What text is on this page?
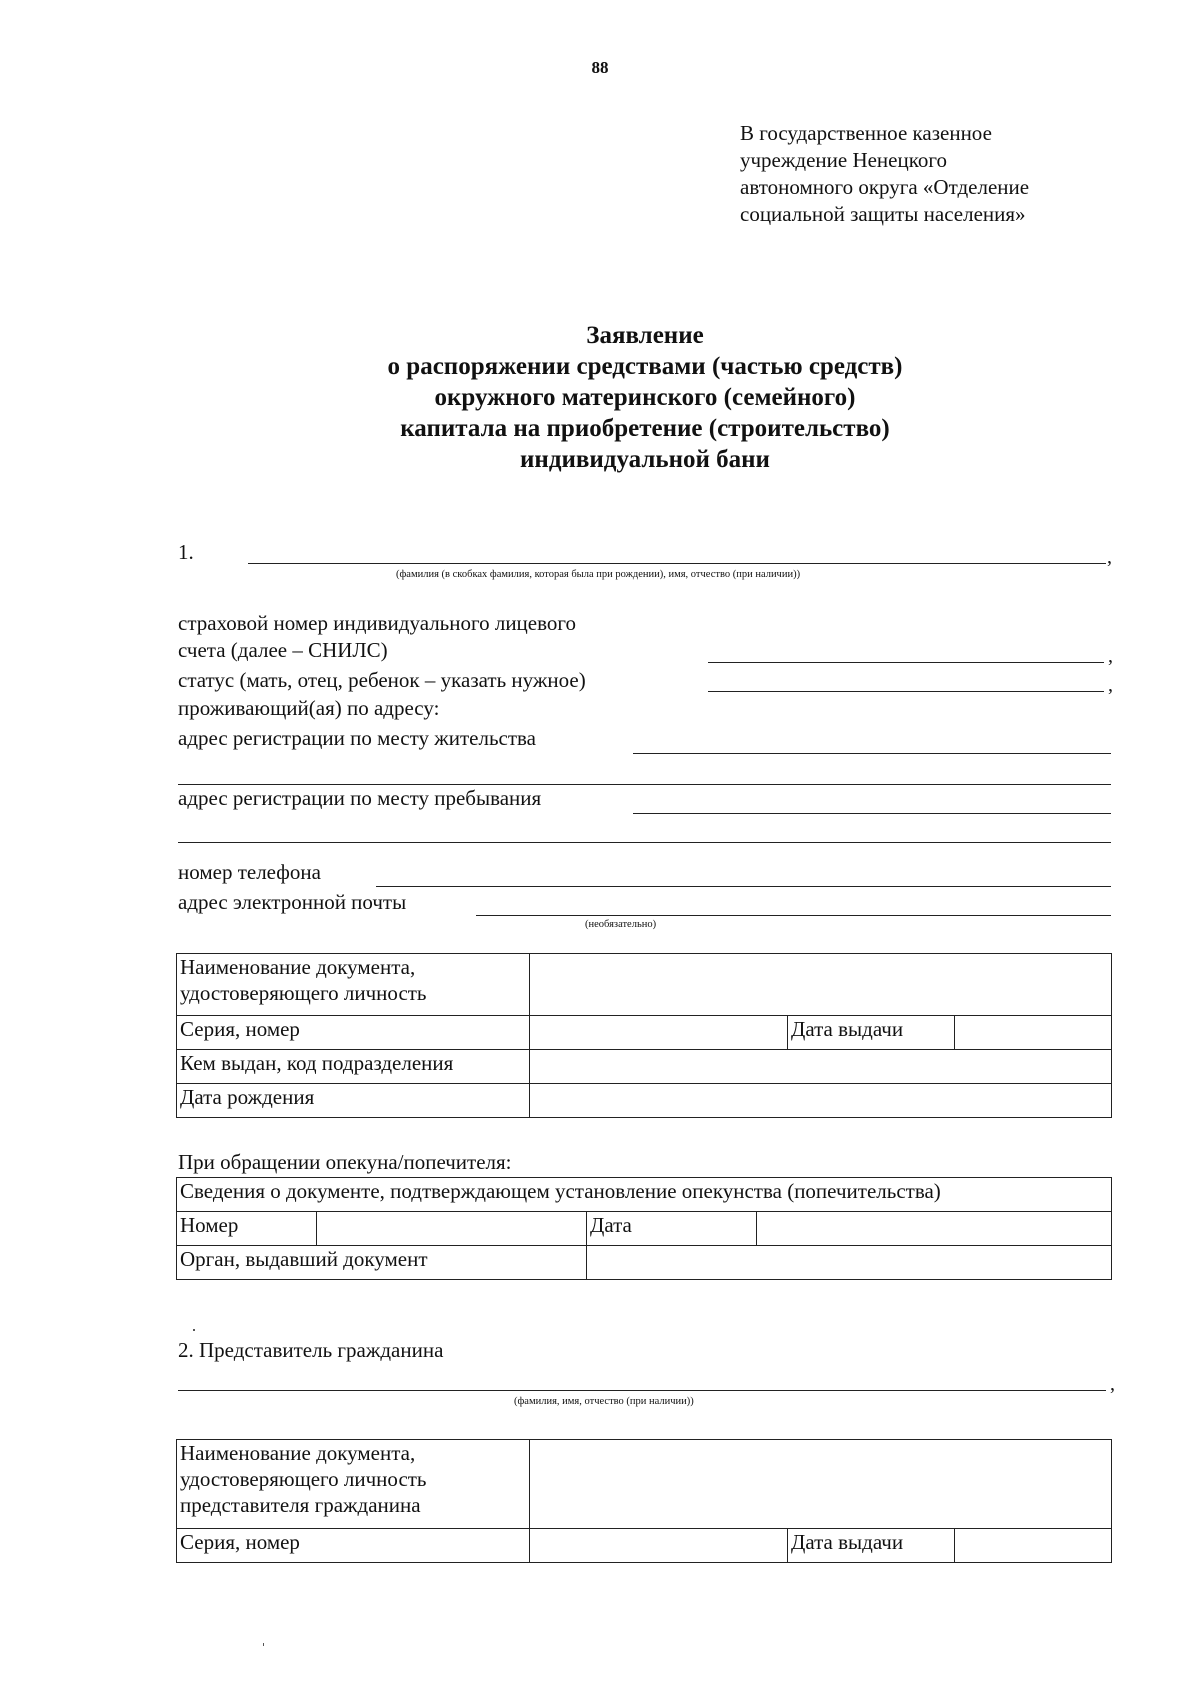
88
В государственное казенное
учреждение Ненецкого
автономного округа «Отделение
социальной защиты населения»
Заявление
о распоряжении средствами (частью средств)
окружного материнского (семейного)
капитала на приобретение (строительство)
индивидуальной бани
1.	,
(фамилия (в скобках фамилия, которая была при рождении), имя, отчество (при наличии))
страховой номер индивидуального лицевого
счета (далее – СНИЛС)	,
статус (мать, отец, ребенок – указать нужное)	,
проживающий(ая) по адресу:
адрес регистрации по месту жительства
адрес регистрации по месту пребывания
номер телефона
адрес электронной почты
(необязательно)
Наименование документа,
удостоверяющего личность			

Серия, номер		Дата выдачи	
Кем выдан, код подразделения			
Дата рождения			
При обращении опекуна/попечителя:
Сведения о документе, подтверждающем установление опекунства (попечительства)			
Номер		Дата	
Орган, выдавший документ			
2. Представитель гражданина
,
(фамилия, имя, отчество (при наличии))
Наименование документа,
удостоверяющего личность
представителя гражданина			

Серия, номер		Дата выдачи	
